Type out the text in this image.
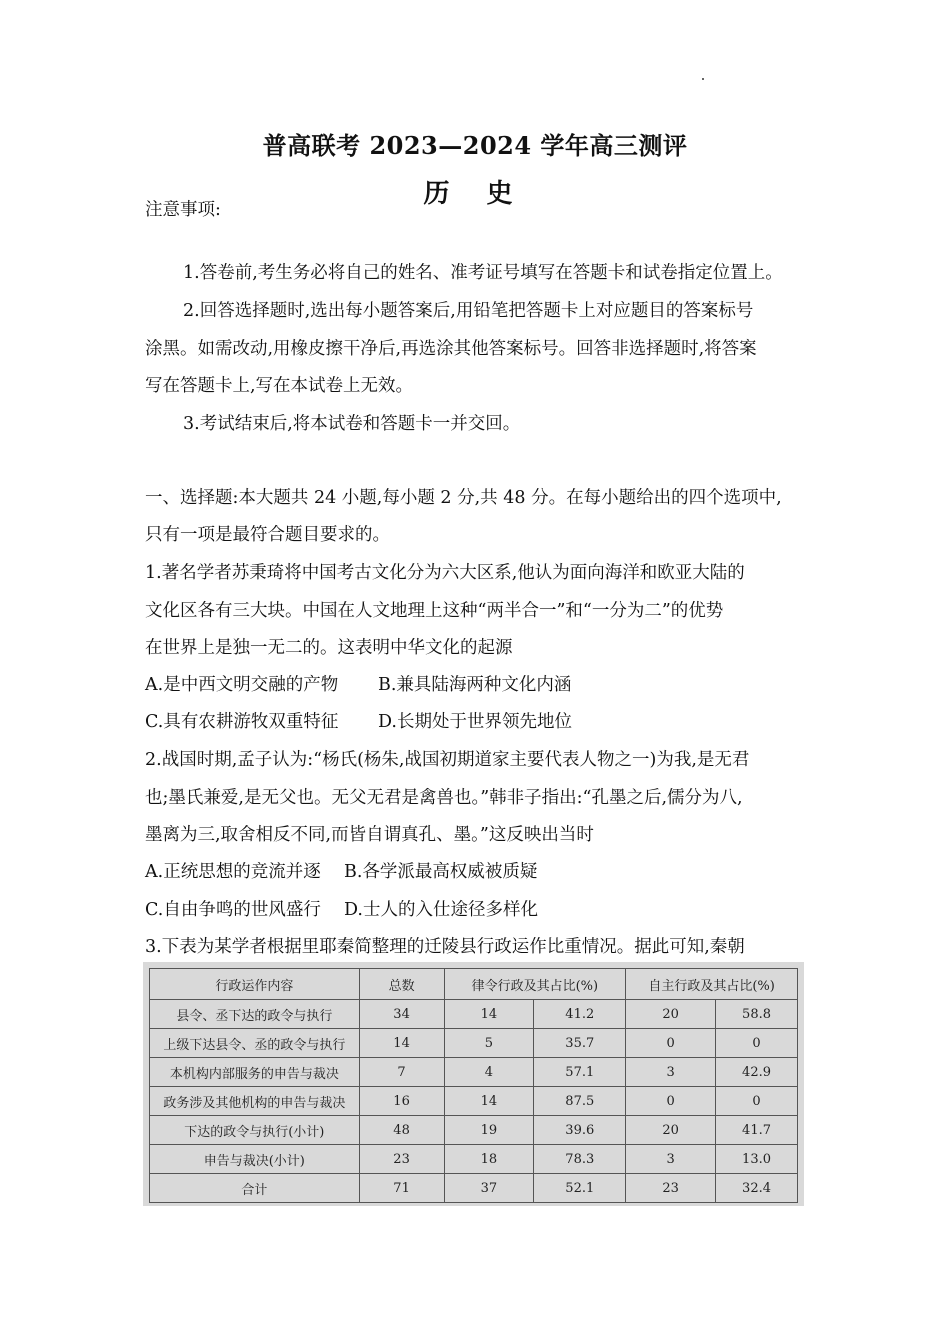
普高联考 2023—2024 学年高三测评
历 史
注意事项:
1.答卷前,考生务必将自己的姓名、准考证号填写在答题卡和试卷指定位置上。
2.回答选择题时,选出每小题答案后,用铅笔把答题卡上对应题目的答案标号
涂黑。如需改动,用橡皮擦干净后,再选涂其他答案标号。回答非选择题时,将答案
写在答题卡上,写在本试卷上无效。
3.考试结束后,将本试卷和答题卡一并交回。
一、选择题:本大题共 24 小题,每小题 2 分,共 48 分。在每小题给出的四个选项中,
只有一项是最符合题目要求的。
1.著名学者苏秉琦将中国考古文化分为六大区系,他认为面向海洋和欧亚大陆的
文化区各有三大块。中国在人文地理上这种“两半合一”和“一分为二”的优势
在世界上是独一无二的。这表明中华文化的起源
A.是中西文明交融的产物 B.兼具陆海两种文化内涵
C.具有农耕游牧双重特征 D.长期处于世界领先地位
2.战国时期,孟子认为:“杨氏(杨朱,战国初期道家主要代表人物之一)为我,是无君
也;墨氏兼爱,是无父也。无父无君是禽兽也。”韩非子指出:“孔墨之后,儒分为八,
墨离为三,取舍相反不同,而皆自谓真孔、墨。”这反映出当时
A.正统思想的竞流并逐 B.各学派最高权威被质疑
C.自由争鸣的世风盛行 D.士人的入仕途径多样化
3.下表为某学者根据里耶秦简整理的迁陵县行政运作比重情况。据此可知,秦朝
行政运作内容	总数	律令行政及其占比(%)		自主行政及其占比(%)	
县令、丞下达的政令与执行	34	14	41.2	20	58.8
上级下达县令、丞的政令与执行	14	5	35.7	0	0
本机构内部服务的申告与裁决	7	4	57.1	3	42.9
政务涉及其他机构的申告与裁决	16	14	87.5	0	0
下达的政令与执行(小计)	48	19	39.6	20	41.7
申告与裁决(小计)	23	18	78.3	3	13.0
合计	71	37	52.1	23	32.4
